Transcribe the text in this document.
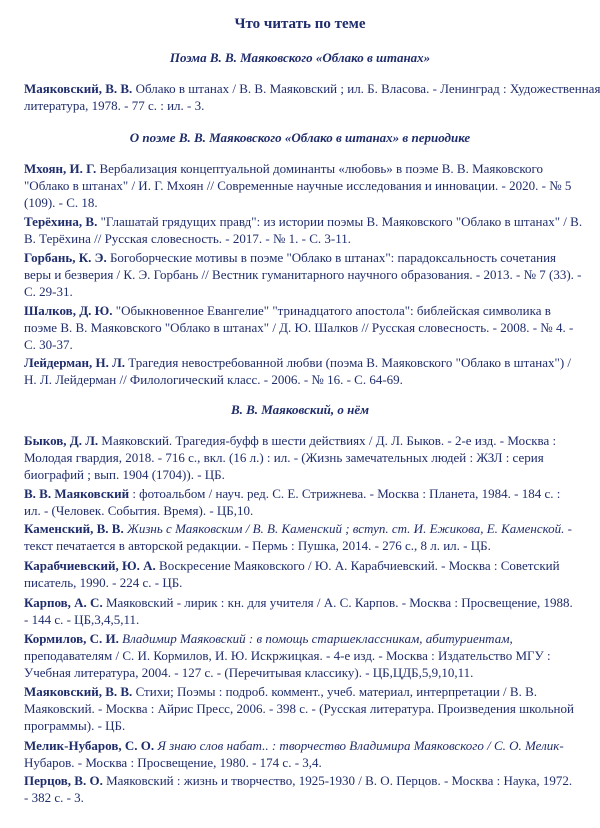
Что читать по теме
Поэма В. В. Маяковского «Облако в штанах»
Маяковский, В. В. Облако в штанах / В. В. Маяковский ; ил. Б. Власова. - Ленинград : Художественная
литература, 1978. - 77 с. : ил. - 3.
О поэме В. В. Маяковского «Облако в штанах» в периодике
Мхоян, И. Г. Вербализация концептуальной доминанты «любовь» в поэме В. В. Маяковского
"Облако в штанах" / И. Г. Мхоян // Современные научные исследования и инновации. - 2020. - № 5
(109). - С. 18.
Терёхина, В. "Глашатай грядущих правд": из истории поэмы В. Маяковского "Облако в штанах" / В.
В. Терёхина // Русская словесность. - 2017. - № 1. - С. 3-11.
Горбань, К. Э. Богоборческие мотивы в поэме "Облако в штанах": парадоксальность сочетания
веры и безверия / К. Э. Горбань // Вестник гуманитарного научного образования. - 2013. - № 7 (33). -
С. 29-31.
Шалков, Д. Ю. "Обыкновенное Евангелие" "тринадцатого апостола": библейская символика в
поэме В. В. Маяковского "Облако в штанах" / Д. Ю. Шалков // Русская словесность. - 2008. - № 4. -
С. 30-37.
Лейдерман, Н. Л. Трагедия невостребованной любви (поэма В. Маяковского "Облако в штанах") /
Н. Л. Лейдерман // Филологический класс. - 2006. - № 16. - С. 64-69.
В. В. Маяковский, о нём
Быков, Д. Л. Маяковский. Трагедия-буфф в шести действиях / Д. Л. Быков. - 2-е изд. - Москва :
Молодая гвардия, 2018. - 716 с., вкл. (16 л.) : ил. - (Жизнь замечательных людей : ЖЗЛ : серия
биографий ; вып. 1904 (1704)). - ЦБ.
В. В. Маяковский : фотоальбом / науч. ред. С. Е. Стрижнева. - Москва : Планета, 1984. - 184 с. :
ил. - (Человек. События. Время). - ЦБ,10.
Каменский, В. В. Жизнь с Маяковским / В. В. Каменский ; вступ. ст. И. Ежикова, Е. Каменской. -
текст печатается в авторской редакции. - Пермь : Пушка, 2014. - 276 с., 8 л. ил. - ЦБ.
Карабчиевский, Ю. А. Воскресение Маяковского / Ю. А. Карабчиевский. - Москва : Советский
писатель, 1990. - 224 с. - ЦБ.
Карпов, А. С. Маяковский - лирик : кн. для учителя / А. С. Карпов. - Москва : Просвещение, 1988.
- 144 с. - ЦБ,3,4,5,11.
Кормилов, С. И. Владимир Маяковский : в помощь старшеклассникам, абитуриентам,
преподавателям / С. И. Кормилов, И. Ю. Искржицкая. - 4-е изд. - Москва : Издательство МГУ :
Учебная литература, 2004. - 127 с. - (Перечитывая классику). - ЦБ,ЦДБ,5,9,10,11.
Маяковский, В. В. Стихи; Поэмы : подроб. коммент., учеб. материал, интерпретации / В. В.
Маяковский. - Москва : Айрис Пресс, 2006. - 398 с. - (Русская литература. Произведения школьной
программы). - ЦБ.
Мелик-Нубаров, С. О. Я знаю слов набат.. : творчество Владимира Маяковского / С. О. Мелик-
Нубаров. - Москва : Просвещение, 1980. - 174 с. - 3,4.
Перцов, В. О. Маяковский : жизнь и творчество, 1925-1930 / В. О. Перцов. - Москва : Наука, 1972.
- 382 с. - 3.
